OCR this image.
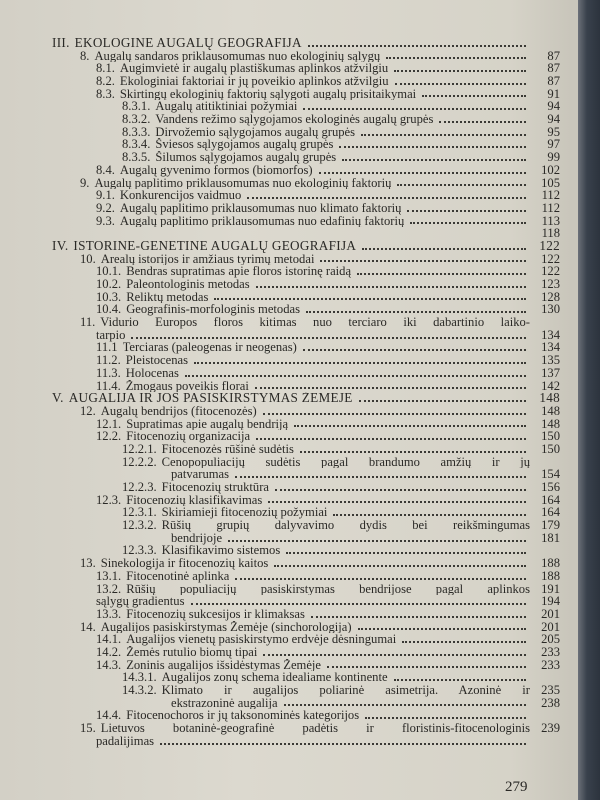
III. EKOLOGINE AUGALŲ GEOGRAFIJA
8. Augalų sandaros priklausomumas nuo ekologinių sąlygų	87
8.1. Augimvietė ir augalų plastiškumas aplinkos atžvilgiu	87
8.2. Ekologiniai faktoriai ir jų poveikio aplinkos atžvilgiu	87
8.3. Skirtingų ekologinių faktorių sąlygoti augalų prisitaikymai	91
8.3.1. Augalų atitiktiniai požymiai	94
8.3.2. Vandens režimo sąlygojamos ekologinės augalų grupės	94
8.3.3. Dirvožemio sąlygojamos augalų grupės	95
8.3.4. Šviesos sąlygojamos augalų grupės	97
8.3.5. Šilumos sąlygojamos augalų grupės	99
8.4. Augalų gyvenimo formos (biomorfos)	102
9. Augalų paplitimo priklausomumas nuo ekologinių faktorių	105
9.1. Konkurencijos vaidmuo	112
9.2. Augalų paplitimo priklausomumas nuo klimato faktorių	112
9.3. Augalų paplitimo priklausomumas nuo edafinių faktorių	113
118
IV. ISTORINE-GENETINĖ AUGALŲ GEOGRAFIJA	122
10. Arealų istorijos ir amžiaus tyrimų metodai	122
10.1. Bendras supratimas apie floros istorinę raidą	122
10.2. Paleontologinis metodas	123
10.3. Reliktų metodas	128
10.4. Geografinis-morfologinis metodas	130
11. Vidurio Europos floros kitimas nuo terciaro iki dabartinio laiko-
tarpio	134
11.1 Terciaras (paleogenas ir neogenas)	134
11.2. Pleistocenas	135
11.3. Holocenas	137
11.4. Žmogaus poveikis florai	142
V. AUGALIJA IR JOS PASISKIRSTYMAS ŽEMĖJE	148
12. Augalų bendrijos (fitocenozės)	148
12.1. Supratimas apie augalų bendriją	148
12.2. Fitocenozių organizacija	150
12.2.1. Fitocenozės rūšinė sudėtis	150
12.2.2. Cenopopuliacijų sudėtis pagal brandumo amžių ir jų
patvarumas	154
12.2.3. Fitocenozių struktūra	156
12.3. Fitocenozių klasifikavimas	164
12.3.1. Skiriamieji fitocenozių požymiai	164
12.3.2. Rūšių grupių dalyvavimo dydis bei reikšmingumas 179
bendrijoje	181
12.3.3. Klasifikavimo sistemos
13. Sinekologija ir fitocenozių kaitos	188
13.1. Fitocenotinė aplinka	188
13.2. Rūšių populiacijų pasiskirstymas bendrijose pagal aplinkos 191
sąlygų gradientus	194
13.3. Fitocenozių sukcesijos ir klimaksas	201
14. Augalijos pasiskirstymas Žemėje (sinchorologija)	201
14.1. Augalijos vienetų pasiskirstymo erdvėje dėsningumai	205
14.2. Žemės rutulio biomų tipai	233
14.3. Zoninis augalijos išsidėstymas Žemėje	233
14.3.1. Augalijos zonų schema idealiame kontinente
14.3.2. Klimato ir augalijos poliarinė asimetrija. Azoninė ir 235
ekstrazoninė augalija	238
14.4. Fitocenochoros ir jų taksonominės kategorijos
15. Lietuvos botaninė-geografinė padėtis ir floristinis-fitocenologinis 239
padalijimas
279
